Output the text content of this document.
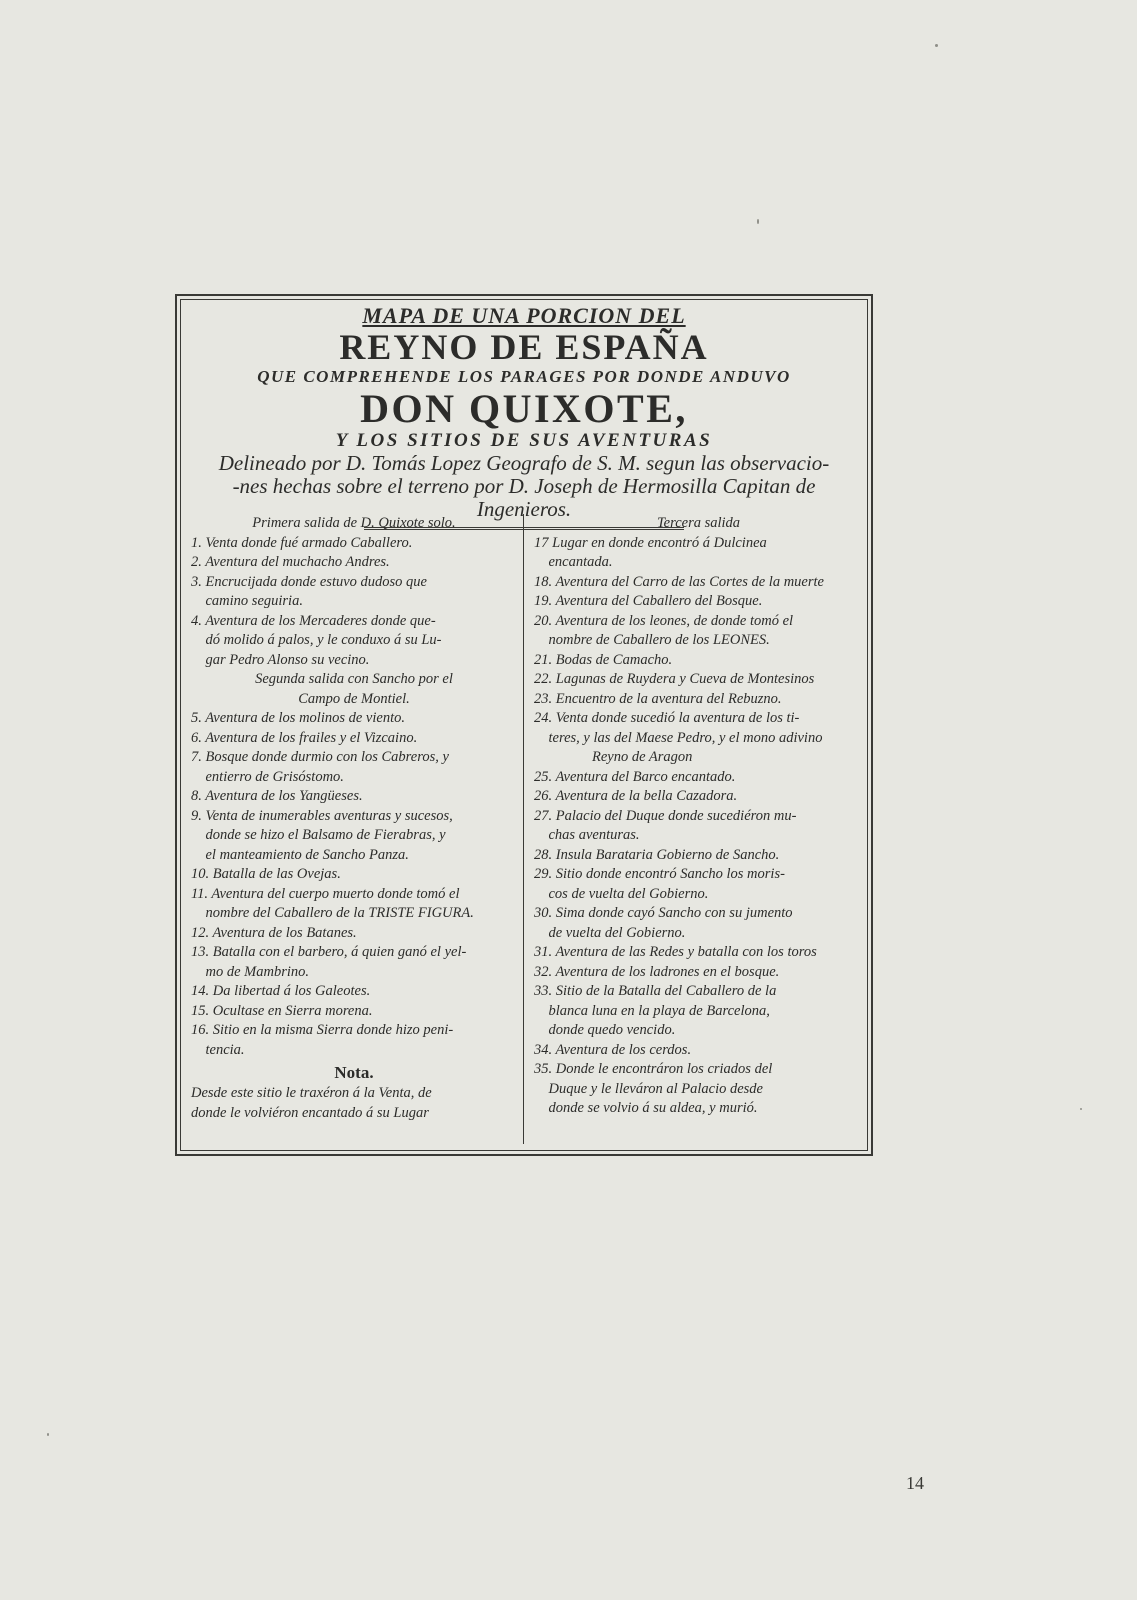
MAPA DE UNA PORCION DEL
REYNO DE ESPAÑA
QUE COMPREHENDE LOS PARAGES POR DONDE ANDUVO
DON QUIXOTE,
Y LOS SITIOS DE SUS AVENTURAS
Delineado por D. Tomás Lopez Geografo de S. M. segun las observacio-
-nes hechas sobre el terreno por D. Joseph de Hermosilla Capitan de Ingenieros.
Primera salida de D. Quixote solo.
1. Venta donde fué armado Caballero.
2. Aventura del muchacho Andres.
3. Encrucijada donde estuvo dudoso que
camino seguiria.
4. Aventura de los Mercaderes donde que-
dó molido á palos, y le conduxo á su Lu-
gar Pedro Alonso su vecino.
Segunda salida con Sancho por el
Campo de Montiel.
5. Aventura de los molinos de viento.
6. Aventura de los frailes y el Vizcaino.
7. Bosque donde durmio con los Cabreros, y
entierro de Grisóstomo.
8. Aventura de los Yangüeses.
9. Venta de inumerables aventuras y sucesos,
donde se hizo el Balsamo de Fierabras, y
el manteamiento de Sancho Panza.
10. Batalla de las Ovejas.
11. Aventura del cuerpo muerto donde tomó el
nombre del Caballero de la TRISTE FIGURA.
12. Aventura de los Batanes.
13. Batalla con el barbero, á quien ganó el yel-
mo de Mambrino.
14. Da libertad á los Galeotes.
15. Ocultase en Sierra morena.
16. Sitio en la misma Sierra donde hizo peni-
tencia.
Nota.
Desde este sitio le traxéron á la Venta, de
donde le volviéron encantado á su Lugar
Tercera salida
17 Lugar en donde encontró á Dulcinea
encantada.
18. Aventura del Carro de las Cortes de la muerte
19. Aventura del Caballero del Bosque.
20. Aventura de los leones, de donde tomó el
nombre de Caballero de los LEONES.
21. Bodas de Camacho.
22. Lagunas de Ruydera y Cueva de Montesinos
23. Encuentro de la aventura del Rebuzno.
24. Venta donde sucedió la aventura de los ti-
teres, y las del Maese Pedro, y el mono adivino
Reyno de Aragon
25. Aventura del Barco encantado.
26. Aventura de la bella Cazadora.
27. Palacio del Duque donde sucediéron mu-
chas aventuras.
28. Insula Barataria Gobierno de Sancho.
29. Sitio donde encontró Sancho los moris-
cos de vuelta del Gobierno.
30. Sima donde cayó Sancho con su jumento
de vuelta del Gobierno.
31. Aventura de las Redes y batalla con los toros
32. Aventura de los ladrones en el bosque.
33. Sitio de la Batalla del Caballero de la
blanca luna en la playa de Barcelona,
donde quedo vencido.
34. Aventura de los cerdos.
35. Donde le encontráron los criados del
Duque y le lleváron al Palacio desde
donde se volvio á su aldea, y murió.
14
